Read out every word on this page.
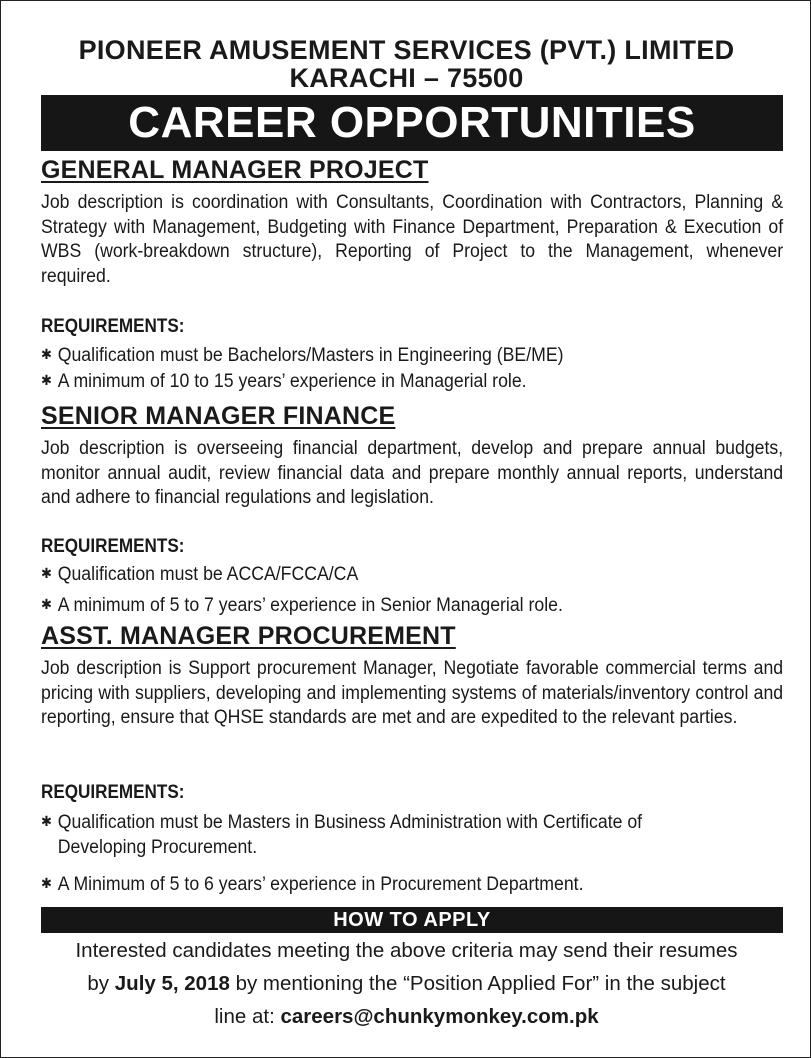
PIONEER AMUSEMENT SERVICES (PVT.) LIMITED
KARACHI – 75500
CAREER OPPORTUNITIES
GENERAL MANAGER PROJECT
Job description is coordination with Consultants, Coordination with Contractors, Planning & Strategy with Management, Budgeting with Finance Department, Preparation & Execution of WBS (work-breakdown structure), Reporting of Project to the Management, whenever required.
REQUIREMENTS:
✱ Qualification must be Bachelors/Masters in Engineering (BE/ME)
✱ A minimum of 10 to 15 years’ experience in Managerial role.
SENIOR MANAGER FINANCE
Job description is overseeing financial department, develop and prepare annual budgets, monitor annual audit, review financial data and prepare monthly annual reports, understand and adhere to financial regulations and legislation.
REQUIREMENTS:
✱ Qualification must be ACCA/FCCA/CA
✱ A minimum of 5 to 7 years’ experience in Senior Managerial role.
ASST. MANAGER PROCUREMENT
Job description is Support procurement Manager, Negotiate favorable commercial terms and pricing with suppliers, developing and implementing systems of materials/inventory control and reporting, ensure that QHSE standards are met and are expedited to the relevant parties.
REQUIREMENTS:
✱ Qualification must be Masters in Business Administration with Certificate of
Developing Procurement.
✱ A Minimum of 5 to 6 years’ experience in Procurement Department.
HOW TO APPLY
Interested candidates meeting the above criteria may send their resumes
by July 5, 2018 by mentioning the “Position Applied For” in the subject
line at: careers@chunkymonkey.com.pk
